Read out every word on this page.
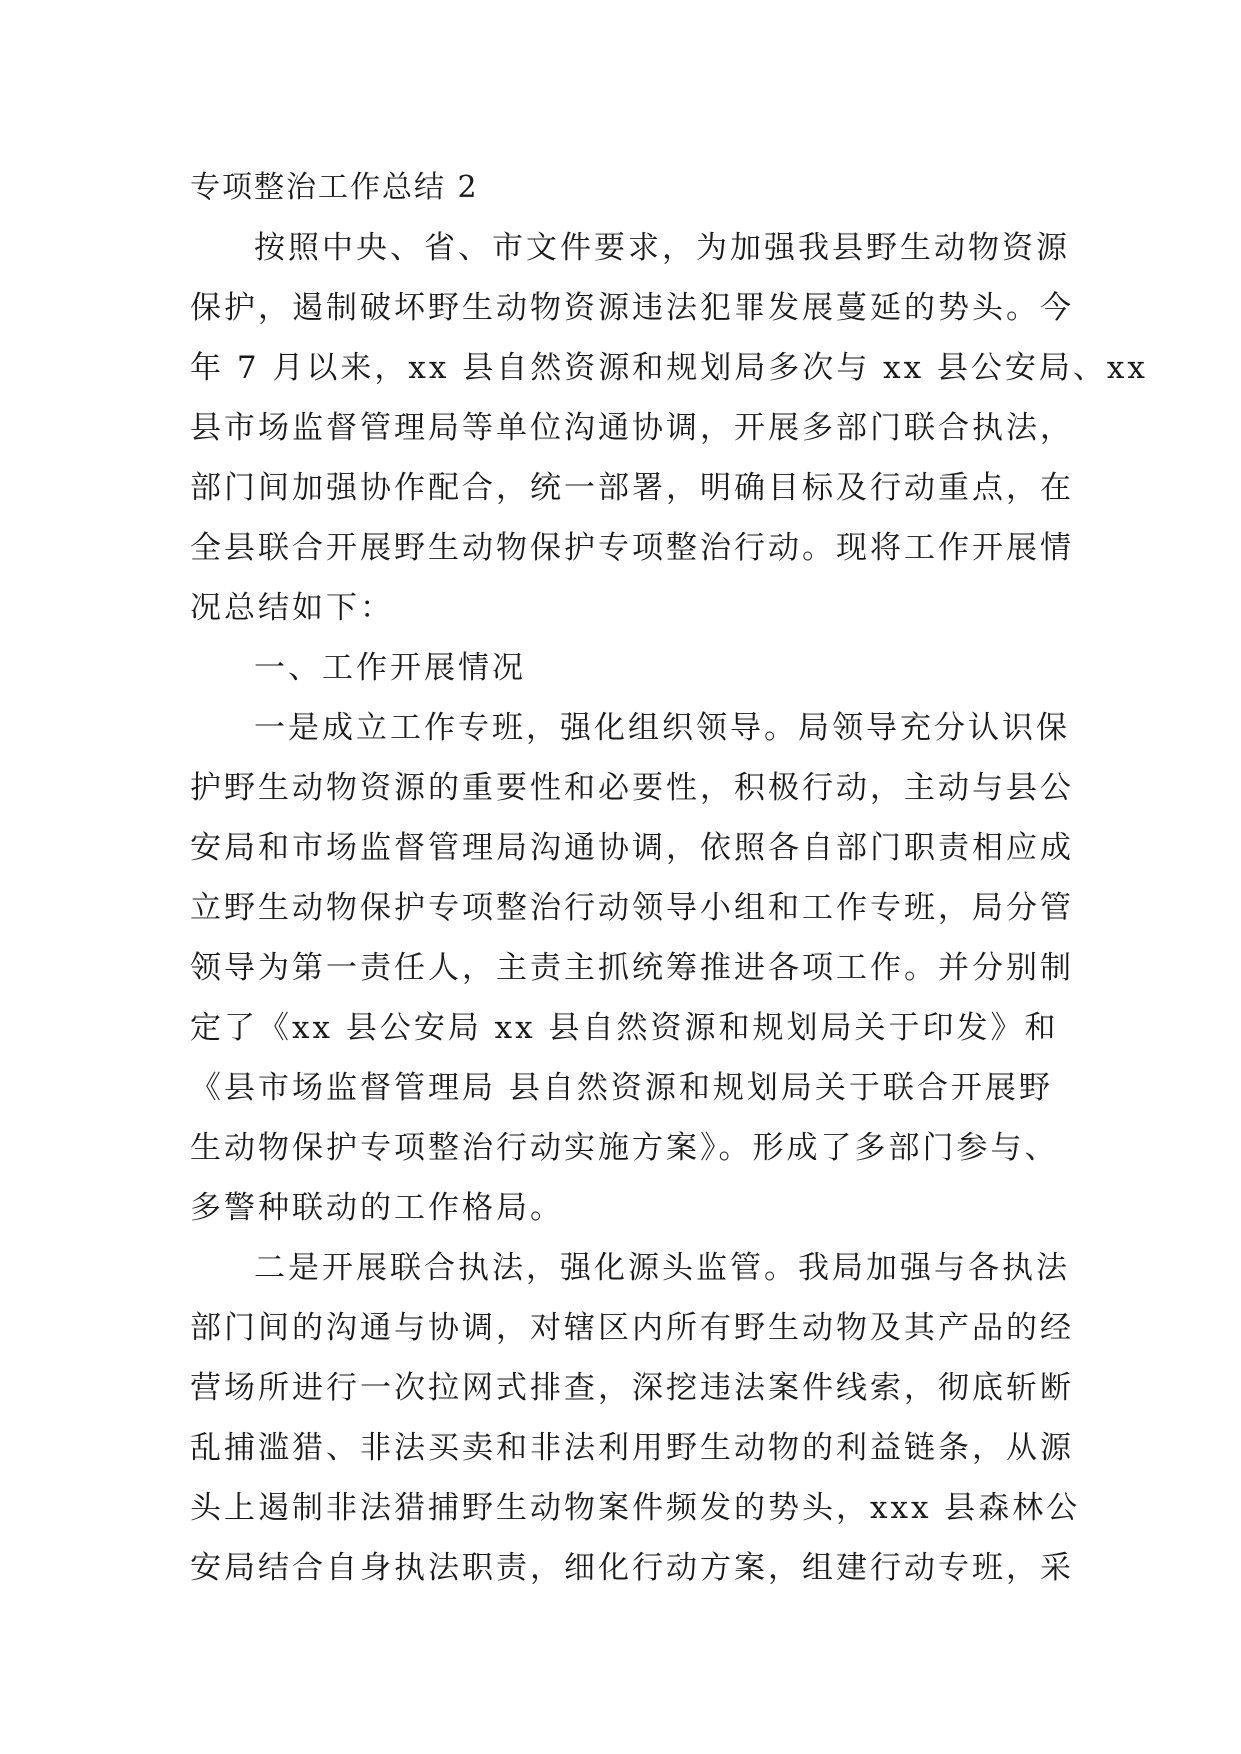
专项整治工作总结 2
按照中央、省、市文件要求，为加强我县野生动物资源
保护，遏制破坏野生动物资源违法犯罪发展蔓延的势头。今
年 7 月以来，xx 县自然资源和规划局多次与 xx 县公安局、xx
县市场监督管理局等单位沟通协调，开展多部门联合执法，
部门间加强协作配合，统一部署，明确目标及行动重点，在
全县联合开展野生动物保护专项整治行动。现将工作开展情
况总结如下：
一、工作开展情况
一是成立工作专班，强化组织领导。局领导充分认识保
护野生动物资源的重要性和必要性，积极行动，主动与县公
安局和市场监督管理局沟通协调，依照各自部门职责相应成
立野生动物保护专项整治行动领导小组和工作专班，局分管
领导为第一责任人，主责主抓统筹推进各项工作。并分别制
定了《xx 县公安局 xx 县自然资源和规划局关于印发》和
《县市场监督管理局 县自然资源和规划局关于联合开展野
生动物保护专项整治行动实施方案》。形成了多部门参与、
多警种联动的工作格局。
二是开展联合执法，强化源头监管。我局加强与各执法
部门间的沟通与协调，对辖区内所有野生动物及其产品的经
营场所进行一次拉网式排查，深挖违法案件线索，彻底斩断
乱捕滥猎、非法买卖和非法利用野生动物的利益链条，从源
头上遏制非法猎捕野生动物案件频发的势头，xxx 县森林公
安局结合自身执法职责，细化行动方案，组建行动专班，采
